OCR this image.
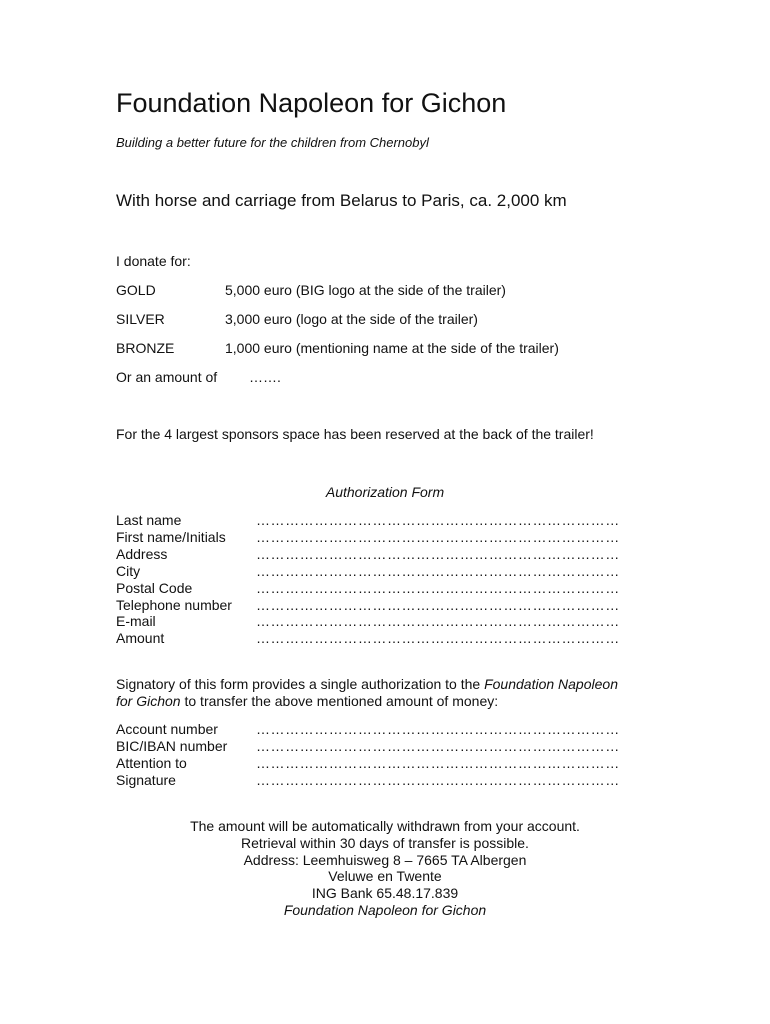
Foundation Napoleon for Gichon
Building a better future for the children from Chernobyl
With horse and carriage from Belarus to Paris, ca. 2,000 km
I donate for:
GOLD	5,000 euro (BIG logo at the side of the trailer)
SILVER	3,000 euro (logo at the side of the trailer)
BRONZE	1,000 euro (mentioning name at the side of the trailer)
Or an amount of …….
For the 4 largest sponsors space has been reserved at the back of the trailer!
Authorization Form
Last name	…………………………………………………………………
First name/Initials …………………………………………………………………
Address	…………………………………………………………………
City	…………………………………………………………………
Postal Code	…………………………………………………………………
Telephone number …………………………………………………………………
E-mail	…………………………………………………………………
Amount	…………………………………………………………………
Signatory of this form provides a single authorization to the Foundation Napoleon for Gichon to transfer the above mentioned amount of money:
Account number	…………………………………………………………………
BIC/IBAN number …………………………………………………………………
Attention to	…………………………………………………………………
Signature	…………………………………………………………………
The amount will be automatically withdrawn from your account.
Retrieval within 30 days of transfer is possible.
Address: Leemhuisweg 8 – 7665 TA Albergen
Veluwe en Twente
ING Bank 65.48.17.839
Foundation Napoleon for Gichon
